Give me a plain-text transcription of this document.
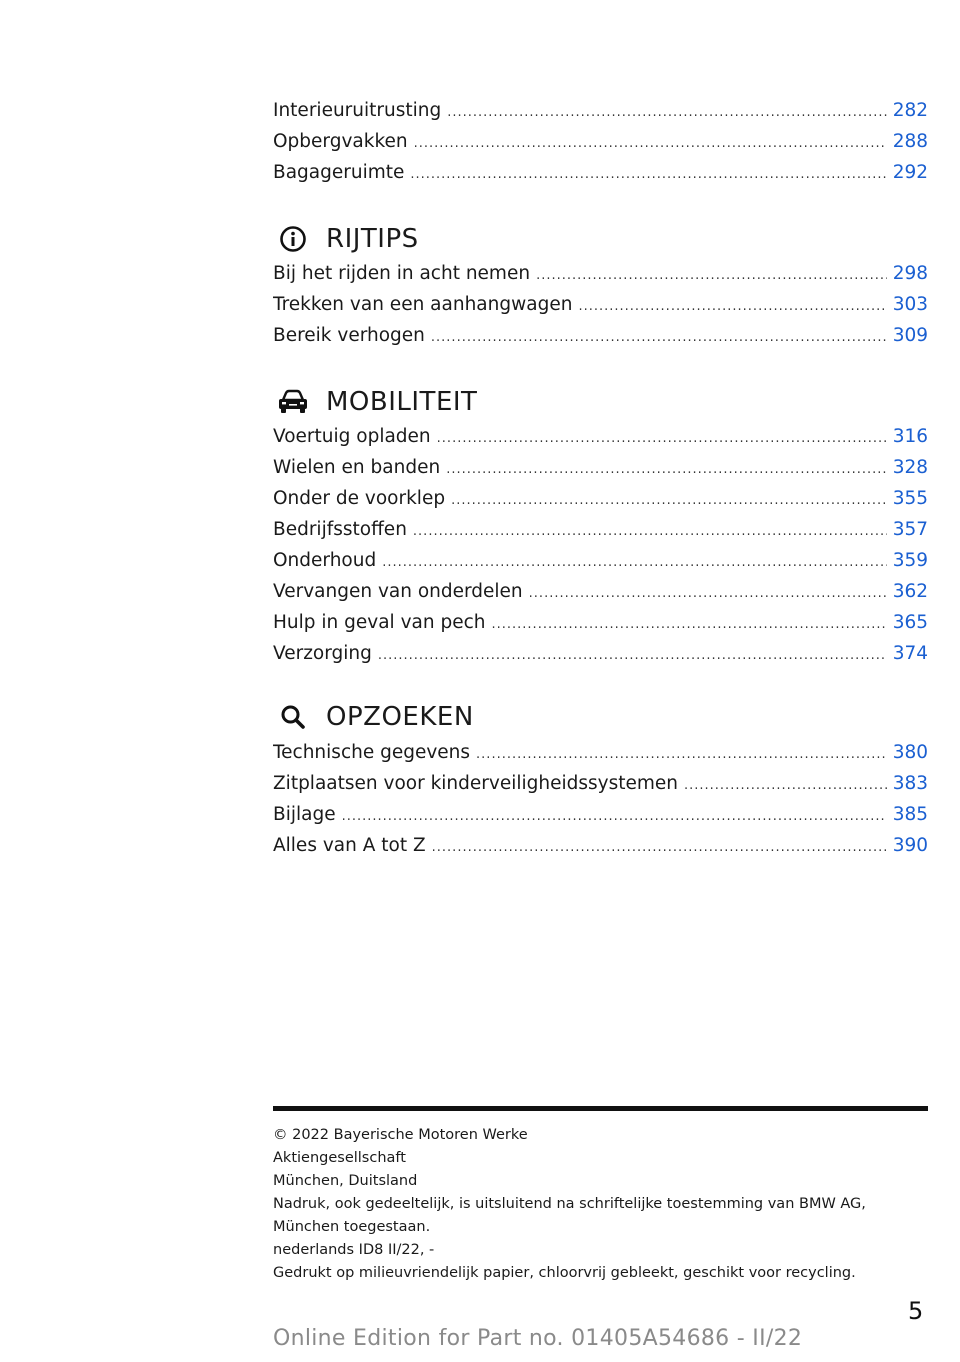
Interieuruitrusting .....	282
Opbergvakken .....	288
Bagageruimte .....	292
RIJTIPS
Bij het rijden in acht nemen .....	298
Trekken van een aanhangwagen .....	303
Bereik verhogen .....	309
MOBILITEIT
Voertuig opladen .....	316
Wielen en banden .....	328
Onder de voorklep .....	355
Bedrijfsstoffen .....	357
Onderhoud .....	359
Vervangen van onderdelen .....	362
Hulp in geval van pech .....	365
Verzorging .....	374
OPZOEKEN
Technische gegevens .....	380
Zitplaatsen voor kinderveiligheidssystemen .....	383
Bijlage .....	385
Alles van A tot Z .....	390
© 2022 Bayerische Motoren Werke
Aktiengesellschaft
München, Duitsland
Nadruk, ook gedeeltelijk, is uitsluitend na schriftelijke toestemming van BMW AG,
München toegestaan.
nederlands ID8 II/22, -
Gedrukt op milieuvriendelijk papier, chloorvrij gebleekt, geschikt voor recycling.
5
Online Edition for Part no. 01405A54686 - II/22
